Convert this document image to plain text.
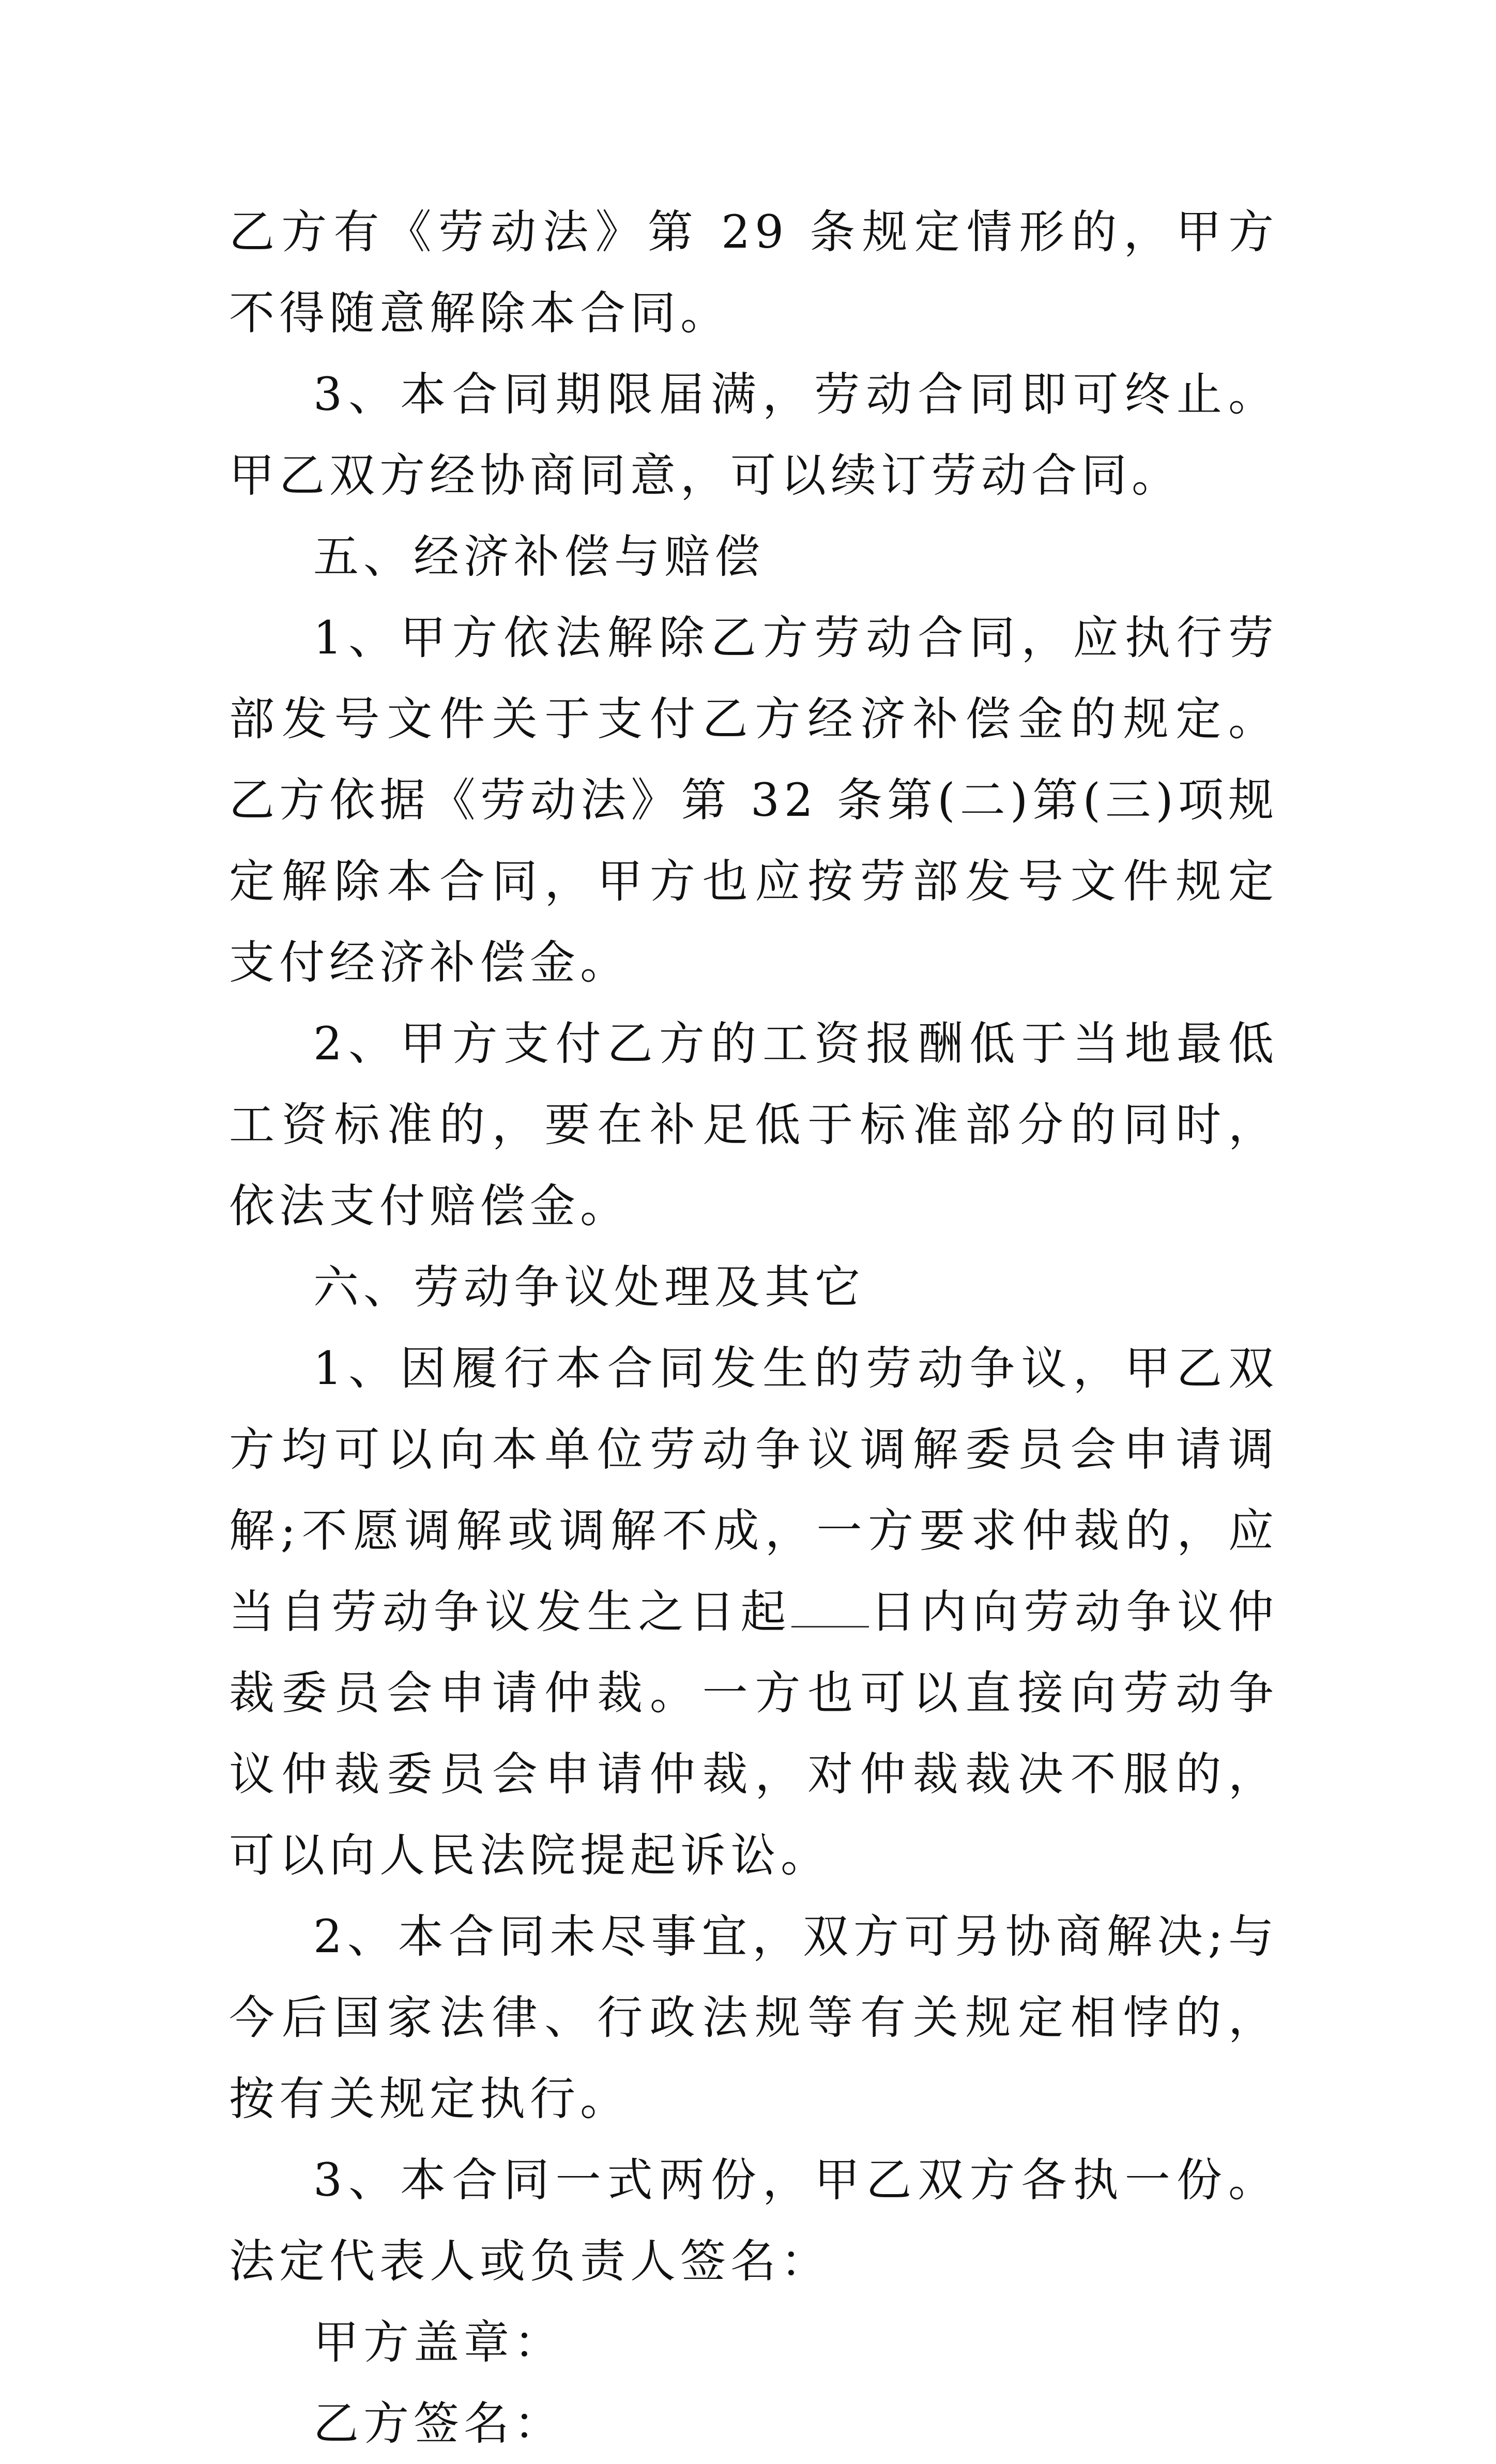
乙方有《劳动法》第 29 条规定情形的，甲方不得随意解除本合同。

3、本合同期限届满，劳动合同即可终止。甲乙双方经协商同意，可以续订劳动合同。

五、经济补偿与赔偿

1、甲方依法解除乙方劳动合同，应执行劳部发号文件关于支付乙方经济补偿金的规定。乙方依据《劳动法》第 32 条第(二)第(三)项规定解除本合同，甲方也应按劳部发号文件规定支付经济补偿金。

2、甲方支付乙方的工资报酬低于当地最低工资标准的，要在补足低于标准部分的同时，依法支付赔偿金。

六、劳动争议处理及其它

1、因履行本合同发生的劳动争议，甲乙双方均可以向本单位劳动争议调解委员会申请调解;不愿调解或调解不成，一方要求仲裁的，应当自劳动争议发生之日起 日内向劳动争议仲裁委员会申请仲裁。一方也可以直接向劳动争议仲裁委员会申请仲裁，对仲裁裁决不服的，可以向人民法院提起诉讼。

2、本合同未尽事宜，双方可另协商解决;与今后国家法律、行政法规等有关规定相悖的，按有关规定执行。

3、本合同一式两份，甲乙双方各执一份。法定代表人或负责人签名：

甲方盖章：

乙方签名：
